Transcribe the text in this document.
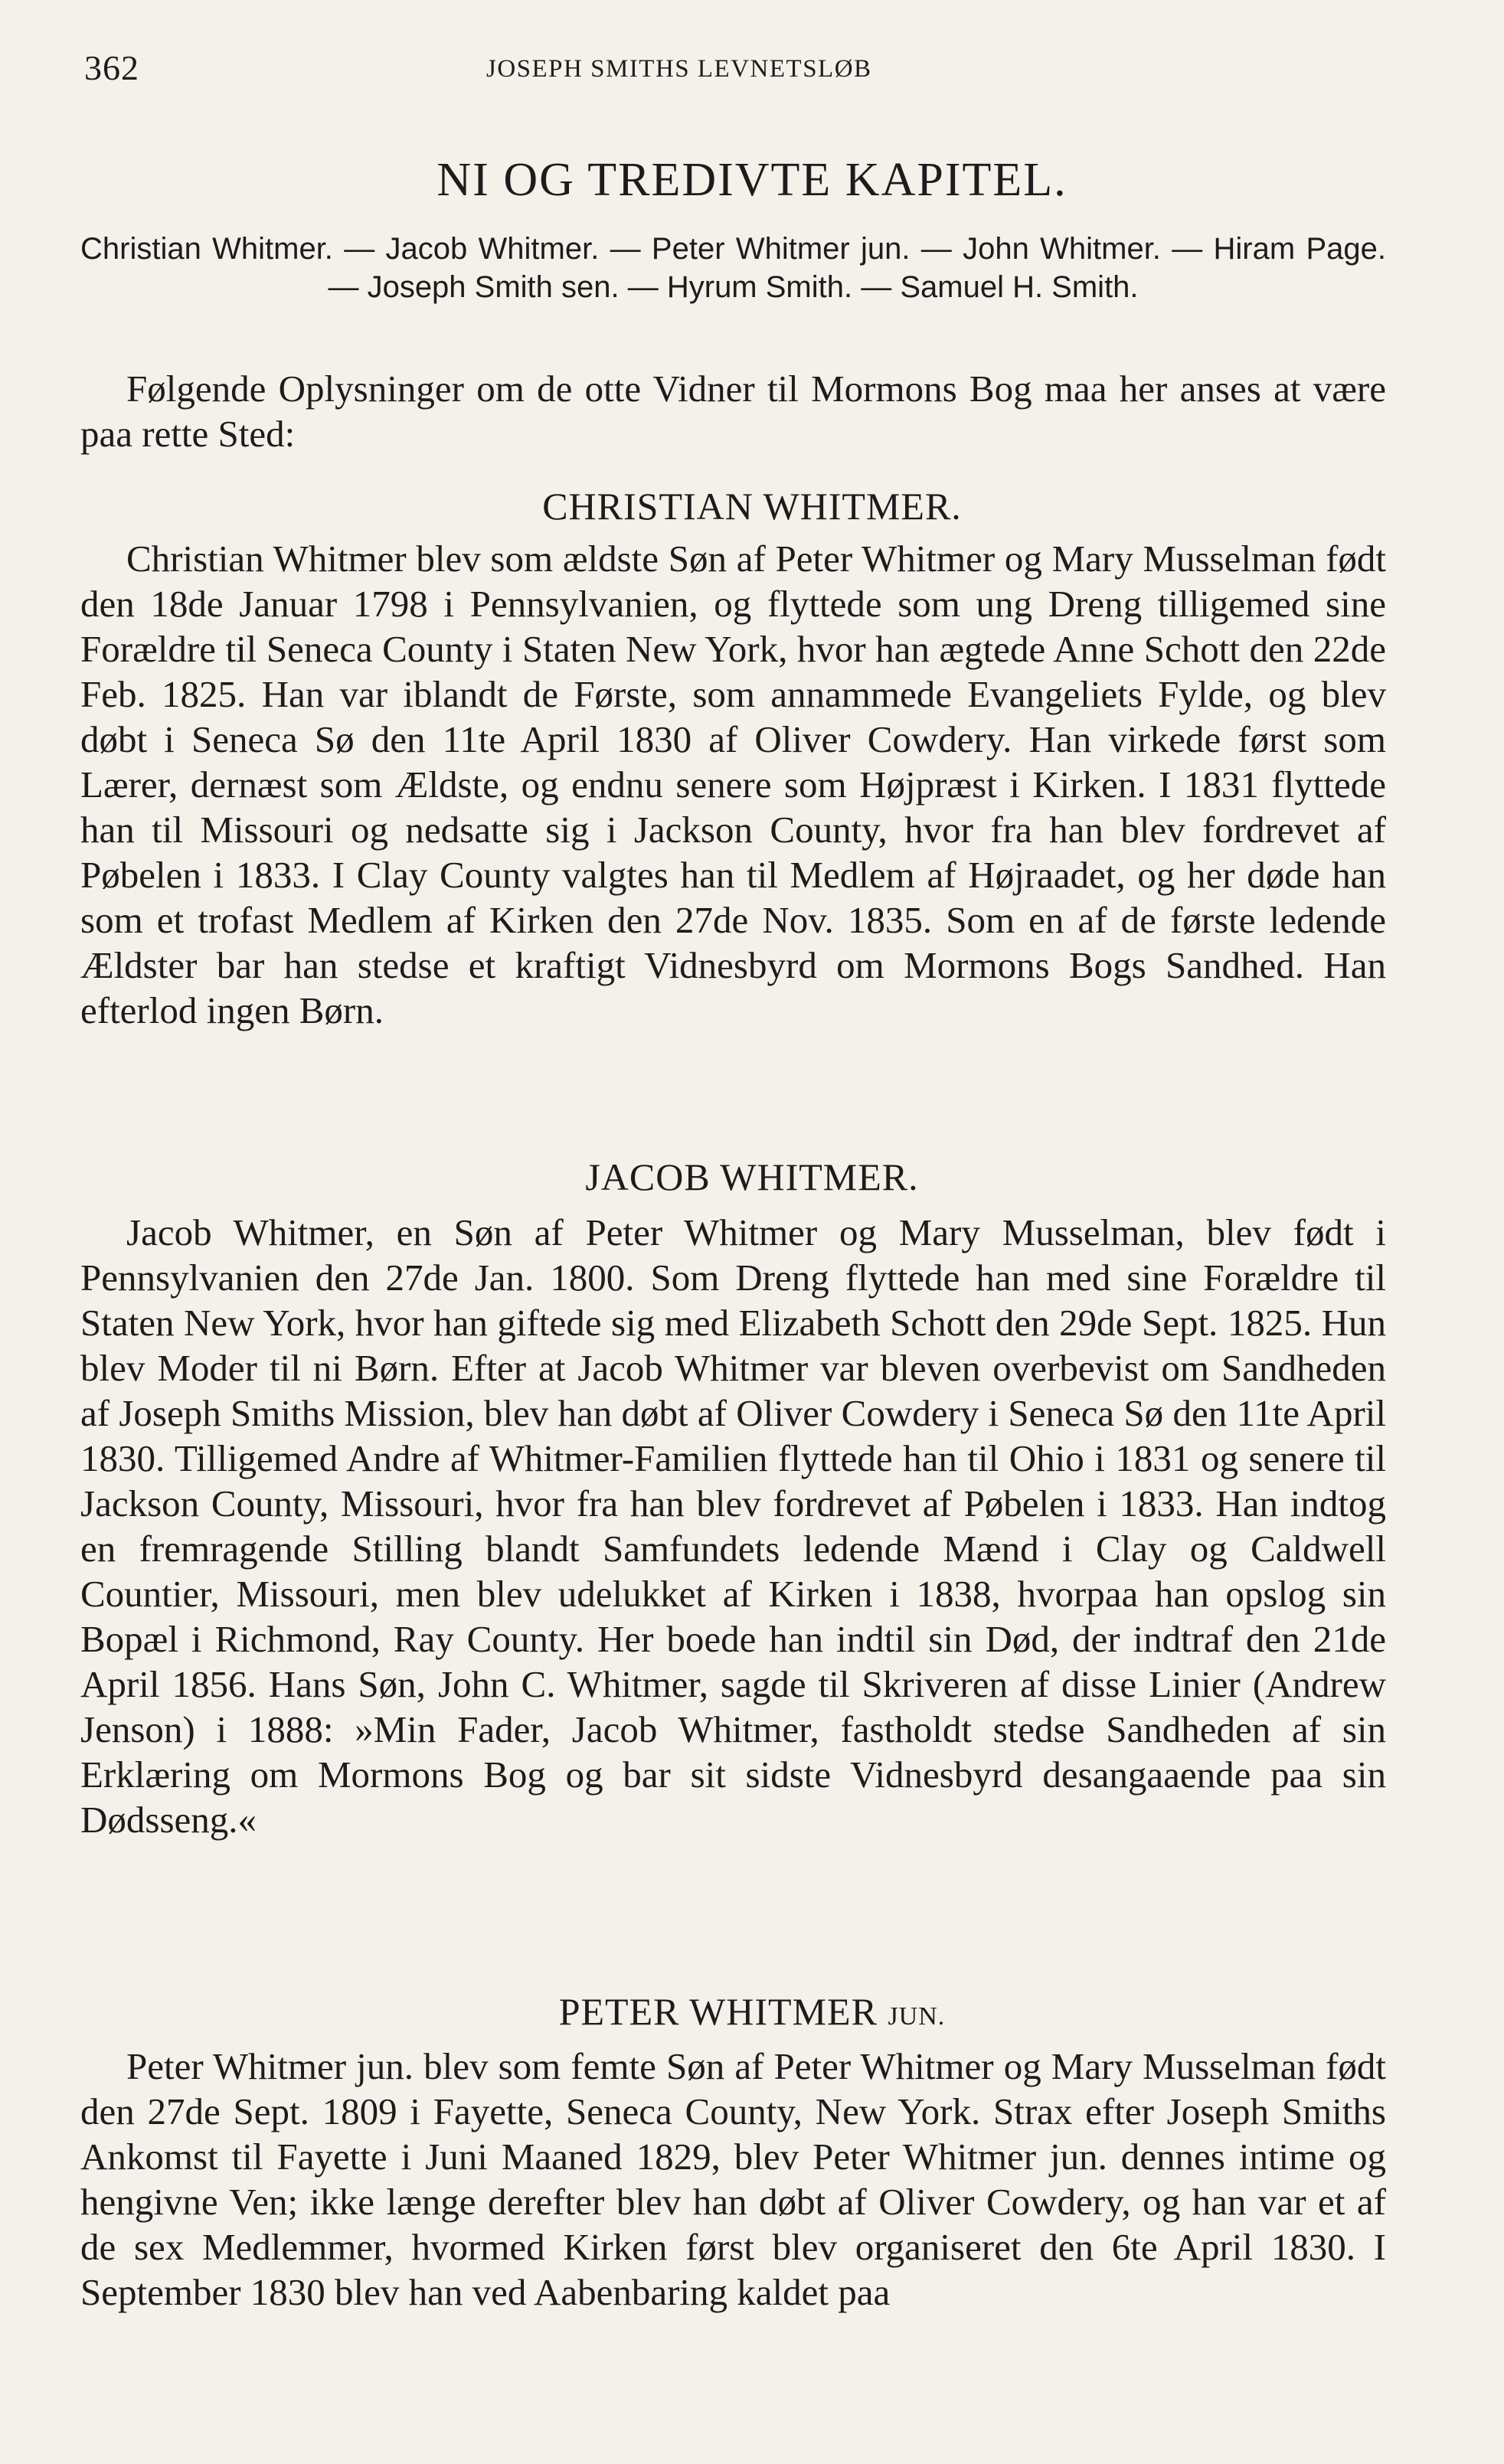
362	JOSEPH SMITHS LEVNETSLØB
NI OG TREDIVTE KAPITEL.
Christian Whitmer. — Jacob Whitmer. — Peter Whitmer jun. — John Whitmer. — Hiram Page. — Joseph Smith sen. — Hyrum Smith. — Samuel H. Smith.

Følgende Oplysninger om de otte Vidner til Mormons Bog maa her anses at være paa rette Sted:

CHRISTIAN WHITMER.

Christian Whitmer blev som ældste Søn af Peter Whitmer og Mary Musselman født den 18de Januar 1798 i Pennsylvanien, og flyttede som ung Dreng tilligemed sine Forældre til Seneca County i Staten New York, hvor han ægtede Anne Schott den 22de Feb. 1825. Han var iblandt de Første, som annammede Evangeliets Fylde, og blev døbt i Seneca Sø den 11te April 1830 af Oliver Cowdery. Han virkede først som Lærer, dernæst som Ældste, og endnu senere som Højpræst i Kirken. I 1831 flyttede han til Missouri og nedsatte sig i Jackson County, hvor fra han blev fordrevet af Pøbelen i 1833. I Clay County valgtes han til Medlem af Højraadet, og her døde han som et trofast Medlem af Kirken den 27de Nov. 1835. Som en af de første ledende Ældster bar han stedse et kraftigt Vidnesbyrd om Mormons Bogs Sandhed. Han efterlod ingen Børn.

JACOB WHITMER.

Jacob Whitmer, en Søn af Peter Whitmer og Mary Musselman, blev født i Pennsylvanien den 27de Jan. 1800. Som Dreng flyttede han med sine Forældre til Staten New York, hvor han giftede sig med Elizabeth Schott den 29de Sept. 1825. Hun blev Moder til ni Børn. Efter at Jacob Whitmer var bleven overbevist om Sandheden af Joseph Smiths Mission, blev han døbt af Oliver Cowdery i Seneca Sø den 11te April 1830. Tilligemed Andre af Whitmer-Familien flyttede han til Ohio i 1831 og senere til Jackson County, Missouri, hvor fra han blev fordrevet af Pøbelen i 1833. Han indtog en fremragende Stilling blandt Samfundets ledende Mænd i Clay og Caldwell Countier, Missouri, men blev udelukket af Kirken i 1838, hvorpaa han opslog sin Bopæl i Richmond, Ray County. Her boede han indtil sin Død, der indtraf den 21de April 1856. Hans Søn, John C. Whitmer, sagde til Skriveren af disse Linier (Andrew Jenson) i 1888: »Min Fader, Jacob Whitmer, fastholdt stedse Sandheden af sin Erklæring om Mormons Bog og bar sit sidste Vidnesbyrd desangaaende paa sin Dødsseng.«

PETER WHITMER JUN.

Peter Whitmer jun. blev som femte Søn af Peter Whitmer og Mary Musselman født den 27de Sept. 1809 i Fayette, Seneca County, New York. Strax efter Joseph Smiths Ankomst til Fayette i Juni Maaned 1829, blev Peter Whitmer jun. dennes intime og hengivne Ven; ikke længe derefter blev han døbt af Oliver Cowdery, og han var et af de sex Medlemmer, hvormed Kirken først blev organiseret den 6te April 1830. I September 1830 blev han ved Aabenbaring kaldet paa
